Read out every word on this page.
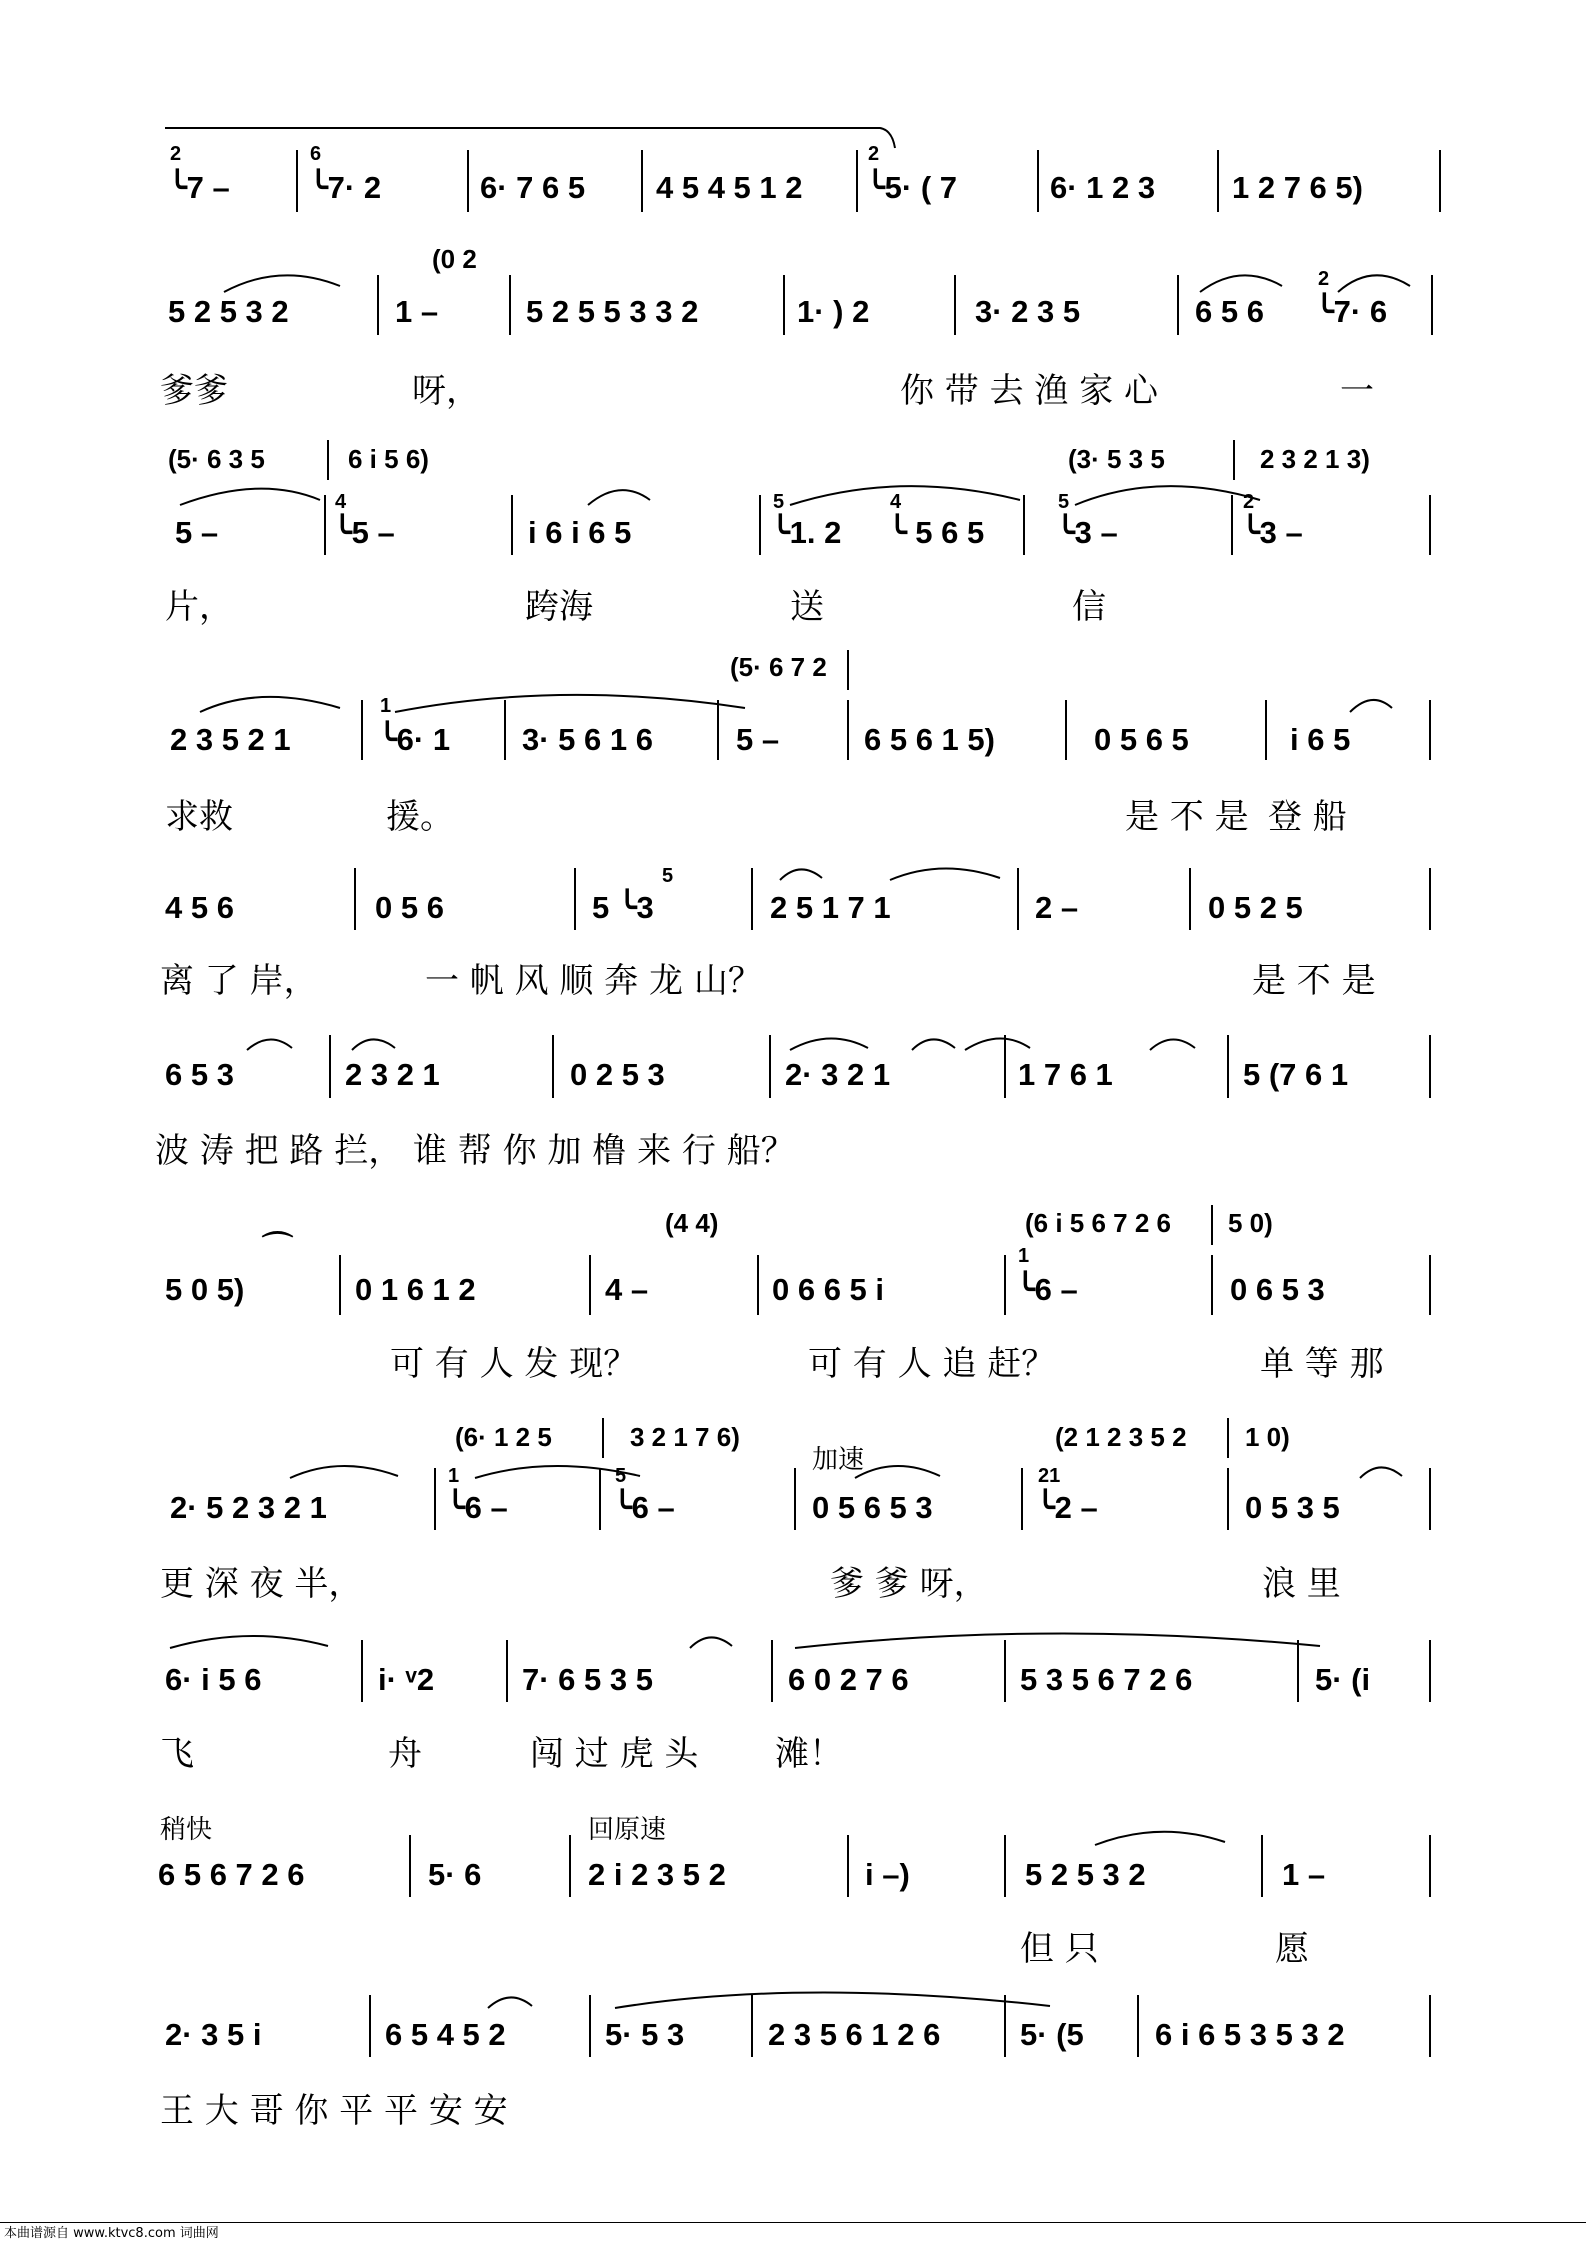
2
╰7 –
6
╰7· 2	6· 7 6 5 4 5 4 5 1 2
2
╰5· ( 7	6· 1 2 3 1 2 7 6 5)
(0 2
5 2 5 3 2	1 –	5 2 5 5 3 3 2	1· ) 2	3· 2 3 5	6 5 6
2
╰7· 6
爹爹	呀，	你 带 去 渔 家 心	一
(5· 6 3 5	6 i 5 6)	(3· 5 3 5	2 3 2 1 3)
5 –
4
╰5 –	i 6 i 6 5
5
╰1. 2
4
╰ 5 6 5
5
╰3 –
2
╰3 –
片，	跨海	送	信
(5· 6 7 2
2 3 5 2 1
1
╰6· 1 3· 5 6 1 6	5 –	6 5 6 1 5)	0 5 6 5	i 6 5
求救	援。	是 不 是 登 船
4 5 6	0 5 6
5
5 ╰3	2 5 1 7 1	2 –	0 5 2 5
离 了 岸，	一 帆 风 顺 奔 龙 山？	是 不 是
6 5 3	2 3 2 1	0 2 5 3	2· 3 2 1	1 7 6 1	5 (7 6 1
波 涛 把 路 拦， 谁 帮 你 加 橹 来 行 船？
(4 4)	(6 i 5 6 7 2 6 5 0)
⌒
5 0 5)	0 1 6 1 2	4 –	0 6 6 5 i
1
╰6 –	0 6 5 3
可 有 人 发 现？	可 有 人 追 赶？	单 等 那
(6· 1 2 5	3 2 1 7 6)	(2 1 2 3 5 2 1 0)
加速
2· 5 2 3 2 1
1
╰6 –
5
╰6 –	0 5 6 5 3
21
╰2 –	0 5 3 5
更 深 夜 半，	爹 爹 呀，	浪 里
6· i 5 6	i· ᵛ2	7· 6 5 3 5	6 0 2 7 6	5 3 5 6 7 2 6	5· (i
飞	舟	闯 过 虎 头 滩！
稍快	回原速
6 5 6 7 2 6	5· 6	2 i 2 3 5 2	i –)	5 2 5 3 2	1 –
但 只	愿
2· 3 5 i	6 5 4 5 2	5· 5 3	2 3 5 6 1 2 6	5· (5 6 i 6 5 3 5 3 2
王 大 哥 你 平 平 安 安
本曲谱源自 www.ktvc8.com 词曲网
